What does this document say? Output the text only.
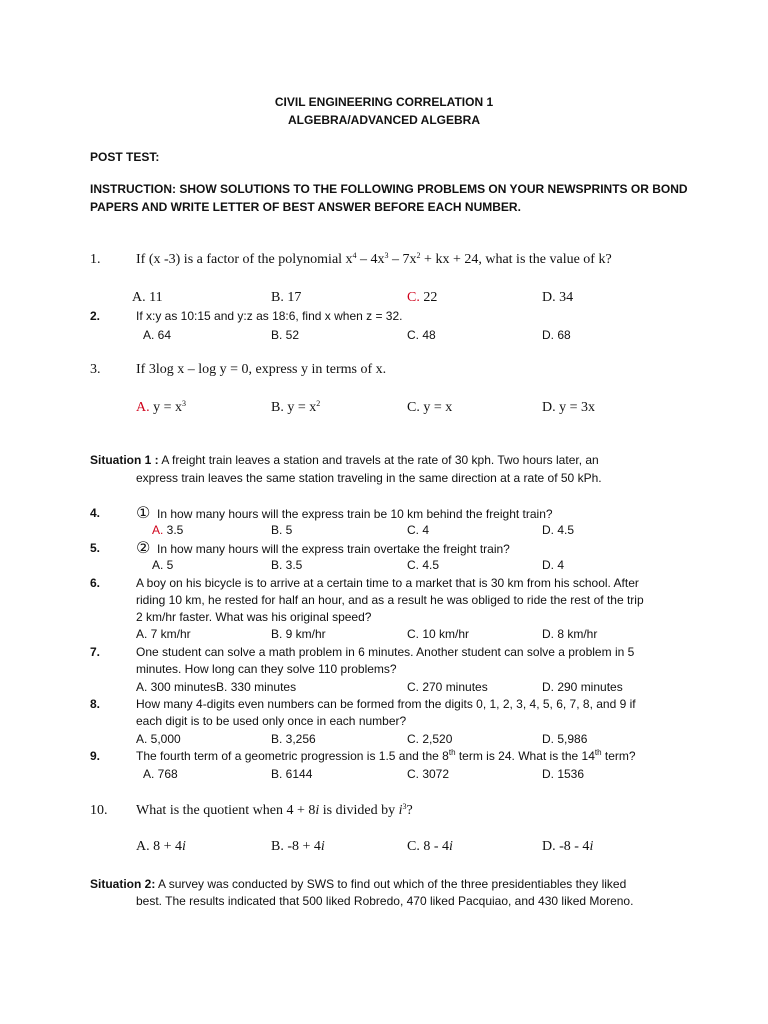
CIVIL ENGINEERING CORRELATION 1
ALGEBRA/ADVANCED ALGEBRA
POST TEST:
INSTRUCTION: SHOW SOLUTIONS TO THE FOLLOWING PROBLEMS ON YOUR NEWSPRINTS OR BOND
PAPERS AND WRITE LETTER OF BEST ANSWER BEFORE EACH NUMBER.
1.	If (x -3) is a factor of the polynomial $x^4 - 4x^3 - 7x^2$ + kx + 24, what is the value of k?
A. 11	B. 17	C. 22	D. 34
2.	If x:y as 10:15 and y:z as 18:6, find x when z = 32.
A. 64	B. 52	C. 48	D. 68
3.	If 3log x – log y = 0, express y in terms of x.
A. $y = x^3$	B. $y = x^2$	C. y = x	D. y = 3x
Situation 1 : A freight train leaves a station and travels at the rate of 30 kph. Two hours later, an
express train leaves the same station traveling in the same direction at a rate of 50 kPh.
4. ① In how many hours will the express train be 10 km behind the freight train?
A. 3.5	B. 5	C. 4	D. 4.5
5. ② In how many hours will the express train overtake the freight train?
A. 5	B. 3.5	C. 4.5	D. 4
6.	A boy on his bicycle is to arrive at a certain time to a market that is 30 km from his school. After
riding 10 km, he rested for half an hour, and as a result he was obliged to ride the rest of the trip
2 km/hr faster. What was his original speed?
A. 7 km/hr	B. 9 km/hr	C. 10 km/hr	D. 8 km/hr
7.	One student can solve a math problem in 6 minutes. Another student can solve a problem in 5
minutes. How long can they solve 110 problems?
A. 300 minutesB. 330 minutes	C. 270 minutes	D. 290 minutes
8.	How many 4-digits even numbers can be formed from the digits 0, 1, 2, 3, 4, 5, 6, 7, 8, and 9 if
each digit is to be used only once in each number?
A. 5,000	B. 3,256	C. 2,520	D. 5,986
9.	The fourth term of a geometric progression is 1.5 and the 8th term is 24. What is the 14th term?
A. 768	B. 6144	C. 3072	D. 1536
10. What is the quotient when 4 + 8i is divided by $i^3$?
A. 8 + 4i	B. -8 + 4i	C. 8 - 4i	D. -8 - 4i
Situation 2: A survey was conducted by SWS to find out which of the three presidentiables they liked
best. The results indicated that 500 liked Robredo, 470 liked Pacquiao, and 430 liked Moreno.
